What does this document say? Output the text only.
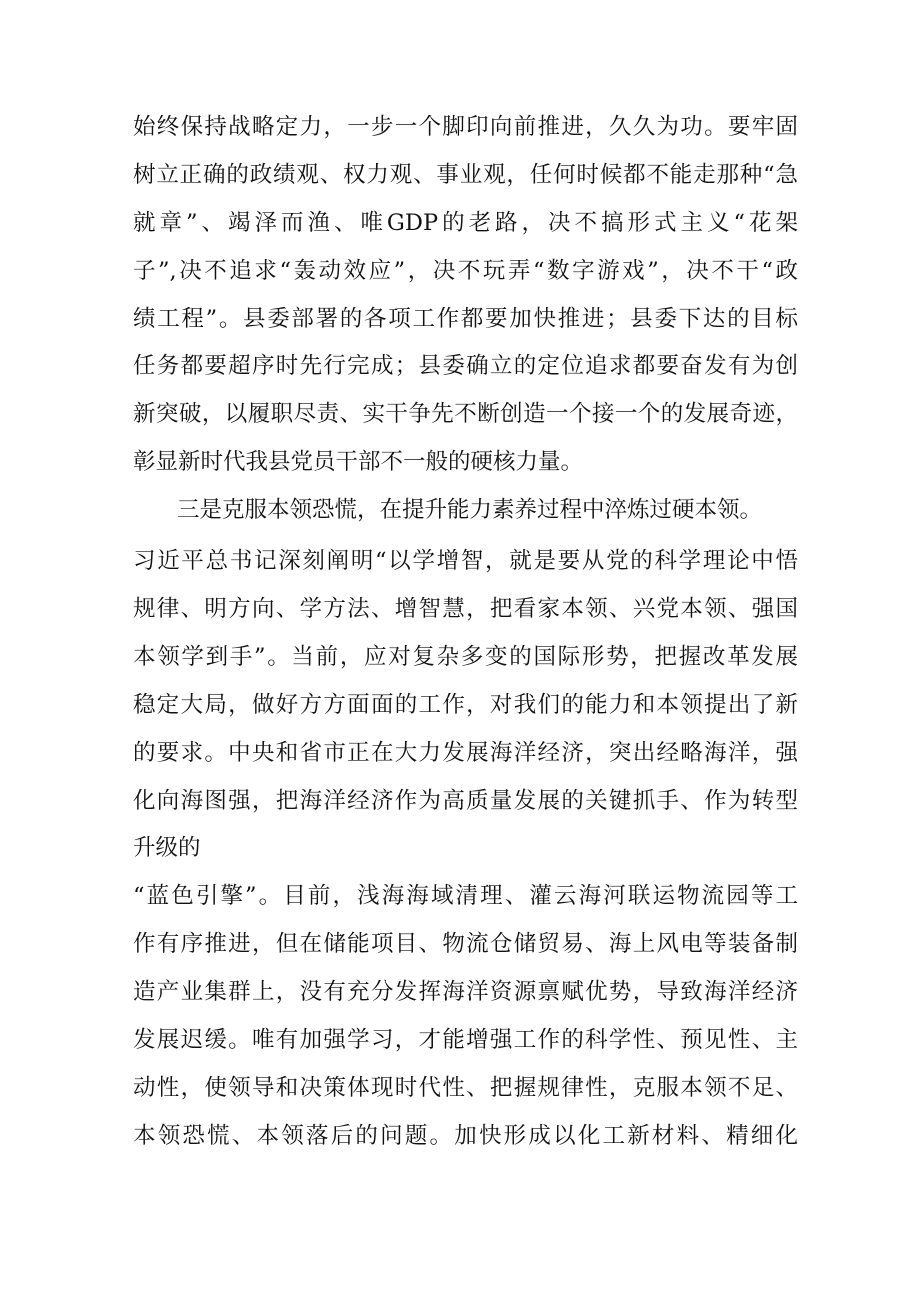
始终保持战略定力，一步一个脚印向前推进，久久为功。要牢固
树立正确的政绩观、权力观、事业观，任何时候都不能走那种“急
就章”、竭泽而渔、唯GDP的老路，决不搞形式主义“花架
子”,决不追求“轰动效应”，决不玩弄“数字游戏”，决不干“政
绩工程”。县委部署的各项工作都要加快推进；县委下达的目标
任务都要超序时先行完成；县委确立的定位追求都要奋发有为创
新突破，以履职尽责、实干争先不断创造一个接一个的发展奇迹，
彰显新时代我县党员干部不一般的硬核力量。
三是克服本领恐慌，在提升能力素养过程中淬炼过硬本领。
习近平总书记深刻阐明“以学增智，就是要从党的科学理论中悟
规律、明方向、学方法、增智慧，把看家本领、兴党本领、强国
本领学到手”。当前，应对复杂多变的国际形势，把握改革发展
稳定大局，做好方方面面的工作，对我们的能力和本领提出了新
的要求。中央和省市正在大力发展海洋经济，突出经略海洋，强
化向海图强，把海洋经济作为高质量发展的关键抓手、作为转型
升级的
“蓝色引擎”。目前，浅海海域清理、灌云海河联运物流园等工
作有序推进，但在储能项目、物流仓储贸易、海上风电等装备制
造产业集群上，没有充分发挥海洋资源禀赋优势，导致海洋经济
发展迟缓。唯有加强学习，才能增强工作的科学性、预见性、主
动性，使领导和决策体现时代性、把握规律性，克服本领不足、
本领恐慌、本领落后的问题。加快形成以化工新材料、精细化
